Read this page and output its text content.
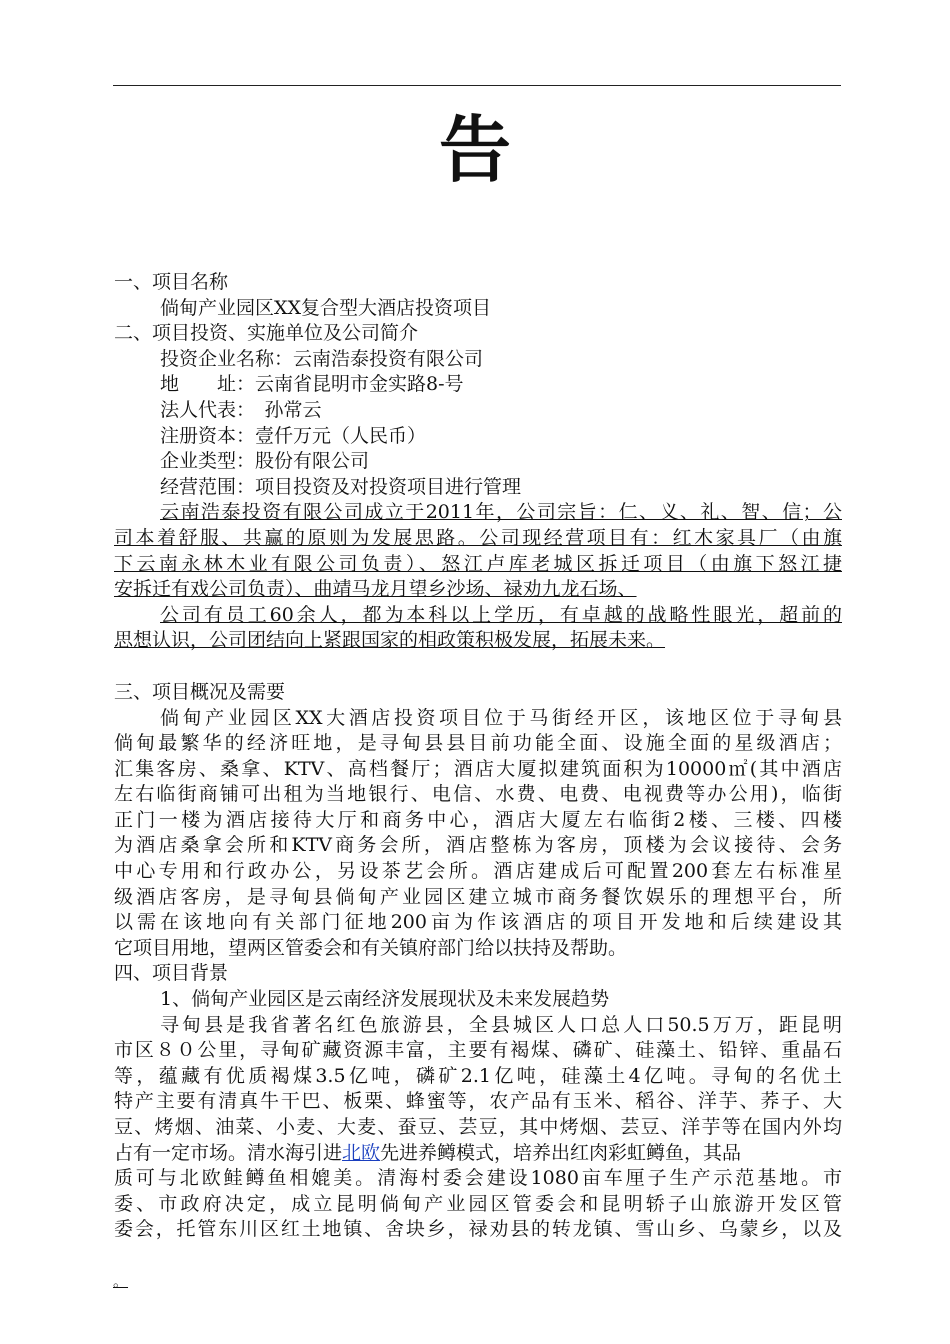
告
一、项目名称
倘甸产业园区XX复合型大酒店投资项目
二、项目投资、实施单位及公司简介
投资企业名称：云南浩泰投资有限公司
地　　址：云南省昆明市金实路8-号
法人代表：　孙常云
注册资本：壹仟万元（人民币）
企业类型：股份有限公司
经营范围：项目投资及对投资项目进行管理
云南浩泰投资有限公司成立于2011年，公司宗旨：仁、义、礼、智、信；公
司本着舒服、共赢的原则为发展思路。公司现经营项目有：红木家具厂（由旗
下云南永林木业有限公司负责）、怒江卢库老城区拆迁项目（由旗下怒江捷
安拆迁有戏公司负责）、曲靖马龙月望乡沙场、禄劝九龙石场、
公司有员工60余人，都为本科以上学历，有卓越的战略性眼光，超前的
思想认识，公司团结向上紧跟国家的相政策积极发展，拓展未来。
三、项目概况及需要
倘甸产业园区XX大酒店投资项目位于马街经开区，该地区位于寻甸县
倘甸最繁华的经济旺地，是寻甸县县目前功能全面、设施全面的星级酒店；
汇集客房、桑拿、KTV、高档餐厅；酒店大厦拟建筑面积为10000㎡(其中酒店
左右临街商铺可出租为当地银行、电信、水费、电费、电视费等办公用)，临街
正门一楼为酒店接待大厅和商务中心，酒店大厦左右临街2楼、三楼、四楼
为酒店桑拿会所和KTV商务会所，酒店整栋为客房，顶楼为会议接待、会务
中心专用和行政办公，另设茶艺会所。酒店建成后可配置200套左右标准星
级酒店客房，是寻甸县倘甸产业园区建立城市商务餐饮娱乐的理想平台，所
以需在该地向有关部门征地200亩为作该酒店的项目开发地和后续建设其
它项目用地，望两区管委会和有关镇府部门给以扶持及帮助。
四、项目背景
1、倘甸产业园区是云南经济发展现状及未来发展趋势
寻甸县是我省著名红色旅游县，全县城区人口总人口50.5万万，距昆明
市区８０公里，寻甸矿藏资源丰富，主要有褐煤、磷矿、硅藻土、铅锌、重晶石
等，蕴藏有优质褐煤3.5亿吨，磷矿2.1亿吨，硅藻土4亿吨。寻甸的名优土
特产主要有清真牛干巴、板栗、蜂蜜等，农产品有玉米、稻谷、洋芋、荞子、大
豆、烤烟、油菜、小麦、大麦、蚕豆、芸豆，其中烤烟、芸豆、洋芋等在国内外均
占有一定市场。清水海引进北欧先进养鳟模式，培养出红肉彩虹鳟鱼，其品
质可与北欧鲑鳟鱼相媲美。清海村委会建设1080亩车厘子生产示范基地。市
委、市政府决定，成立昆明倘甸产业园区管委会和昆明轿子山旅游开发区管
委会，托管东川区红土地镇、舍块乡，禄劝县的转龙镇、雪山乡、乌蒙乡，以及
。
